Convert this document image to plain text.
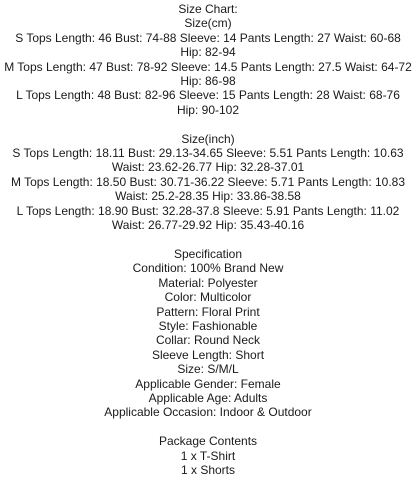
Size Chart:
Size(cm)
S Tops Length: 46 Bust: 74-88 Sleeve: 14 Pants Length: 27 Waist: 60-68 Hip: 82-94
M Tops Length: 47 Bust: 78-92 Sleeve: 14.5 Pants Length: 27.5 Waist: 64-72 Hip: 86-98
L Tops Length: 48 Bust: 82-96 Sleeve: 15 Pants Length: 28 Waist: 68-76 Hip: 90-102
Size(inch)
S Tops Length: 18.11 Bust: 29.13-34.65 Sleeve: 5.51 Pants Length: 10.63 Waist: 23.62-26.77 Hip: 32.28-37.01
M Tops Length: 18.50 Bust: 30.71-36.22 Sleeve: 5.71 Pants Length: 10.83 Waist: 25.2-28.35 Hip: 33.86-38.58
L Tops Length: 18.90 Bust: 32.28-37.8 Sleeve: 5.91 Pants Length: 11.02 Waist: 26.77-29.92 Hip: 35.43-40.16
Specification
Condition: 100% Brand New
Material: Polyester
Color: Multicolor
Pattern: Floral Print
Style: Fashionable
Collar: Round Neck
Sleeve Length: Short
Size: S/M/L
Applicable Gender: Female
Applicable Age: Adults
Applicable Occasion: Indoor & Outdoor
Package Contents
1 x T-Shirt
1 x Shorts
